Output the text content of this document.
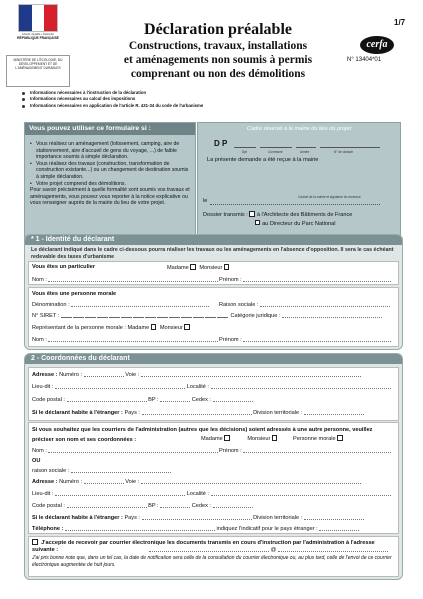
Liberté • Égalité • Fraternité
RÉPUBLIQUE FRANÇAISE
MINISTÈRE DE L'ÉCOLOGIE, DU DÉVELOPPEMENT ET DE L'AMÉNAGEMENT DURABLES
Déclaration préalable
Constructions, travaux, installations
et aménagements non soumis à permis
comprenant ou non des démolitions
1/7
cerfa
N° 13404*01
Informations nécessaires à l'instruction de la déclaration
Informations nécessaires au calcul des impositions
Informations nécessaires en application de l'article R. 431-34 du code de l'urbanisme
Vous pouvez utiliser ce formulaire si :
• Vous réalisez un aménagement (lotissement, camping, aire de stationnement, aire d'accueil de gens du voyage, ...) de faible importance soumis à simple déclaration.
• Vous réalisez des travaux (construction, transformation de construction existante...) ou un changement de destination soumis à simple déclaration.
• Votre projet comprend des démolitions.
Pour savoir précisément à quelle formalité sont soumis vos travaux et aménagements, vous pouvez vous reporter à la notice explicative ou vous renseigner auprès de la mairie du lieu de votre projet.
Cadre réservé à la mairie du lieu du projet
D P
Dpt	Commune	Année	N° de dossier
La présente demande a été reçue à la mairie
Cachet de la mairie et signature du receveur
le
Dossier transmis : à l'Architecte des Bâtiments de France
au Directeur du Parc National
* 1 - Identité du déclarant
Le déclarant indiqué dans le cadre ci-dessous pourra réaliser les travaux ou les aménagements en l'absence d'opposition. Il sera le cas échéant redevable des taxes d'urbanisme
Vous êtes un particulier	Madame Monsieur
Nom :	Prénom :
Vous êtes une personne morale
Dénomination :	Raison sociale :
N° SIRET :	Catégorie juridique :
Représentant de la personne morale : Madame Monsieur
Nom :	Prénom :
2 - Coordonnées du déclarant
Adresse : Numéro :	Voie :
Lieu-dit :	Localité :
Code postal :	BP :	Cedex :
Si le déclarant habite à l'étranger : Pays :	Division territoriale :
Si vous souhaitez que les courriers de l'administration (autres que les décisions) soient adressés à une autre personne, veuillez préciser son nom et ses coordonnées :	Madame	Monsieur	Personne morale
Nom :	Prénom :
OU
raison sociale :
Adresse : Numéro :	Voie :
Lieu-dit :	Localité :
Code postal :	BP :	Cedex :
Si le déclarant habite à l'étranger : Pays :	Division territoriale :
Téléphone :	indiquez l'indicatif pour le pays étranger :
J'accepte de recevoir par courrier électronique les documents transmis en cours d'instruction par l'administration à l'adresse suivante :	@
J'ai pris bonne note que, dans un tel cas, la date de notification sera celle de la consultation du courrier électronique ou, au plus tard, celle de l'envoi de ce courrier électronique augmentée de huit jours.
